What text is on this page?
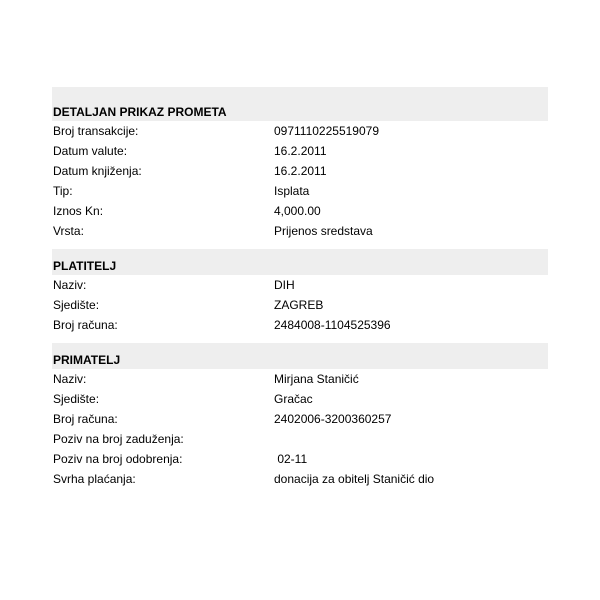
DETALJAN PRIKAZ PROMETA
Broj transakcije:	0971110225519079
Datum valute:	16.2.2011
Datum knjiženja:	16.2.2011
Tip:	Isplata
Iznos Kn:	4,000.00
Vrsta:	Prijenos sredstava
PLATITELJ
Naziv:	DIH
Sjedište:	ZAGREB
Broj računa:	2484008-1104525396
PRIMATELJ
Naziv:	Mirjana Staničić
Sjedište:	Gračac
Broj računa:	2402006-3200360257
Poziv na broj zaduženja:
Poziv na broj odobrenja:	02-11
Svrha plaćanja:	donacija za obitelj Staničić dio
